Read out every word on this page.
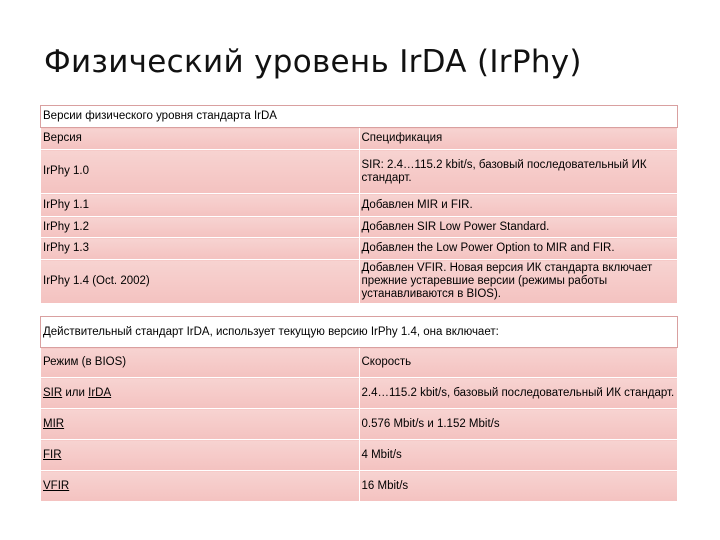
Физический уровень IrDA (IrPhy)
Версии физического уровня стандарта IrDA	
Версия	Спецификация
IrPhy 1.0	SIR: 2.4…115.2 kbit/s, базовый последовательный ИК стандарт.
IrPhy 1.1	Добавлен MIR и FIR.
IrPhy 1.2	Добавлен SIR Low Power Standard.
IrPhy 1.3	Добавлен the Low Power Option to MIR and FIR.
IrPhy 1.4 (Oct. 2002)	Добавлен VFIR. Новая версия ИК стандарта включает прежние устаревшие версии (режимы работы устанавливаются в BIOS).
Действительный стандарт IrDA, использует текущую версию IrPhy 1.4, она включает:	
Режим (в BIOS)	Скорость
SIR или IrDA	2.4…115.2 kbit/s, базовый последовательный ИК стандарт.
MIR	0.576 Mbit/s и 1.152 Mbit/s
FIR	4 Mbit/s
VFIR	16 Mbit/s
